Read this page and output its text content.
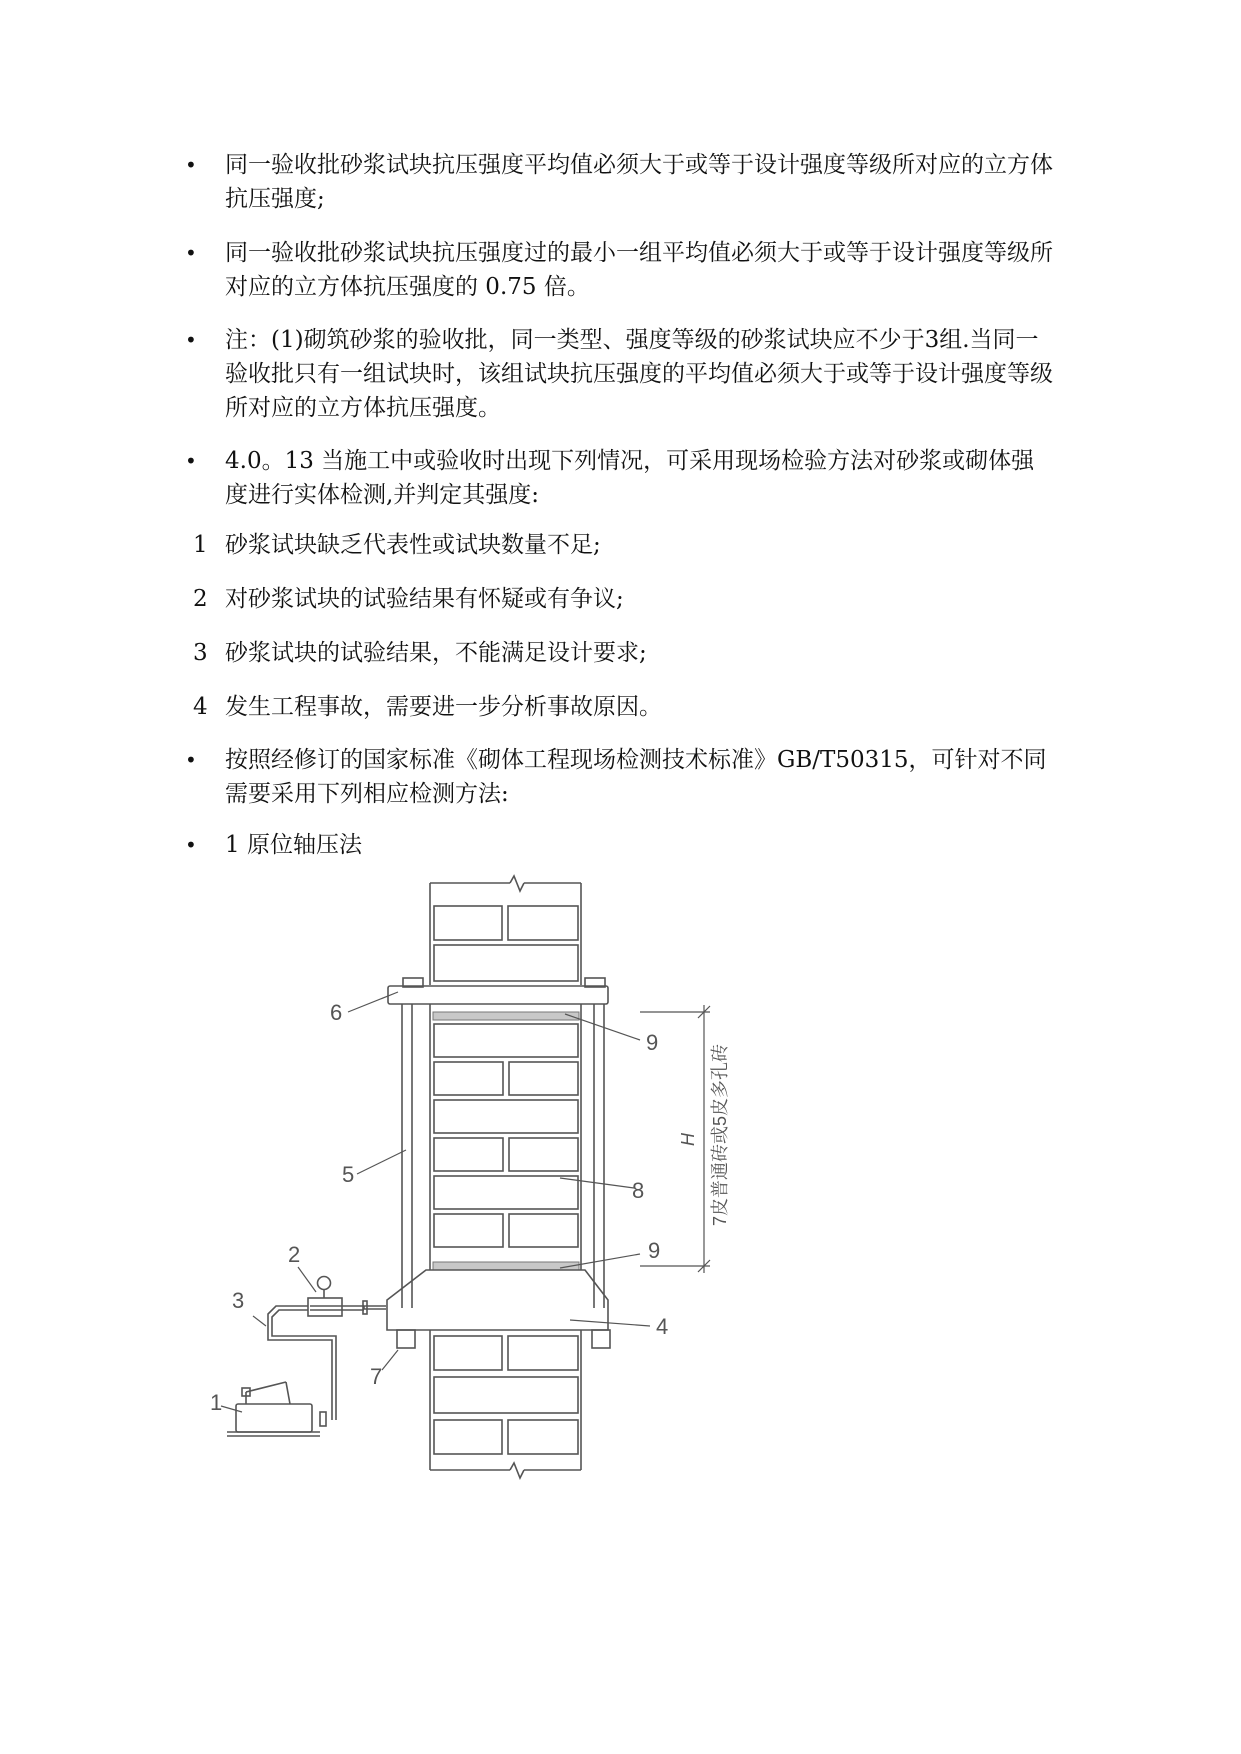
• 同一验收批砂浆试块抗压强度平均值必须大于或等于设计强度等级所对应的立方体抗压强度;

• 同一验收批砂浆试块抗压强度过的最小一组平均值必须大于或等于设计强度等级所对应的立方体抗压强度的 0.75 倍。

• 注：(1)砌筑砂浆的验收批，同一类型、强度等级的砂浆试块应不少于3组.当同一验收批只有一组试块时，该组试块抗压强度的平均值必须大于或等于设计强度等级所对应的立方体抗压强度。

• 4.0。13 当施工中或验收时出现下列情况，可采用现场检验方法对砂浆或砌体强度进行实体检测,并判定其强度:

1 砂浆试块缺乏代表性或试块数量不足;

2 对砂浆试块的试验结果有怀疑或有争议;

3 砂浆试块的试验结果，不能满足设计要求;

4 发生工程事故，需要进一步分析事故原因。

• 按照经修订的国家标准《砌体工程现场检测技术标准》GB/T50315，可针对不同需要采用下列相应检测方法:

• 1 原位轴压法

1
2
3
4
5
6
7
8
9
9
H 7皮普通砖或5皮多孔砖
